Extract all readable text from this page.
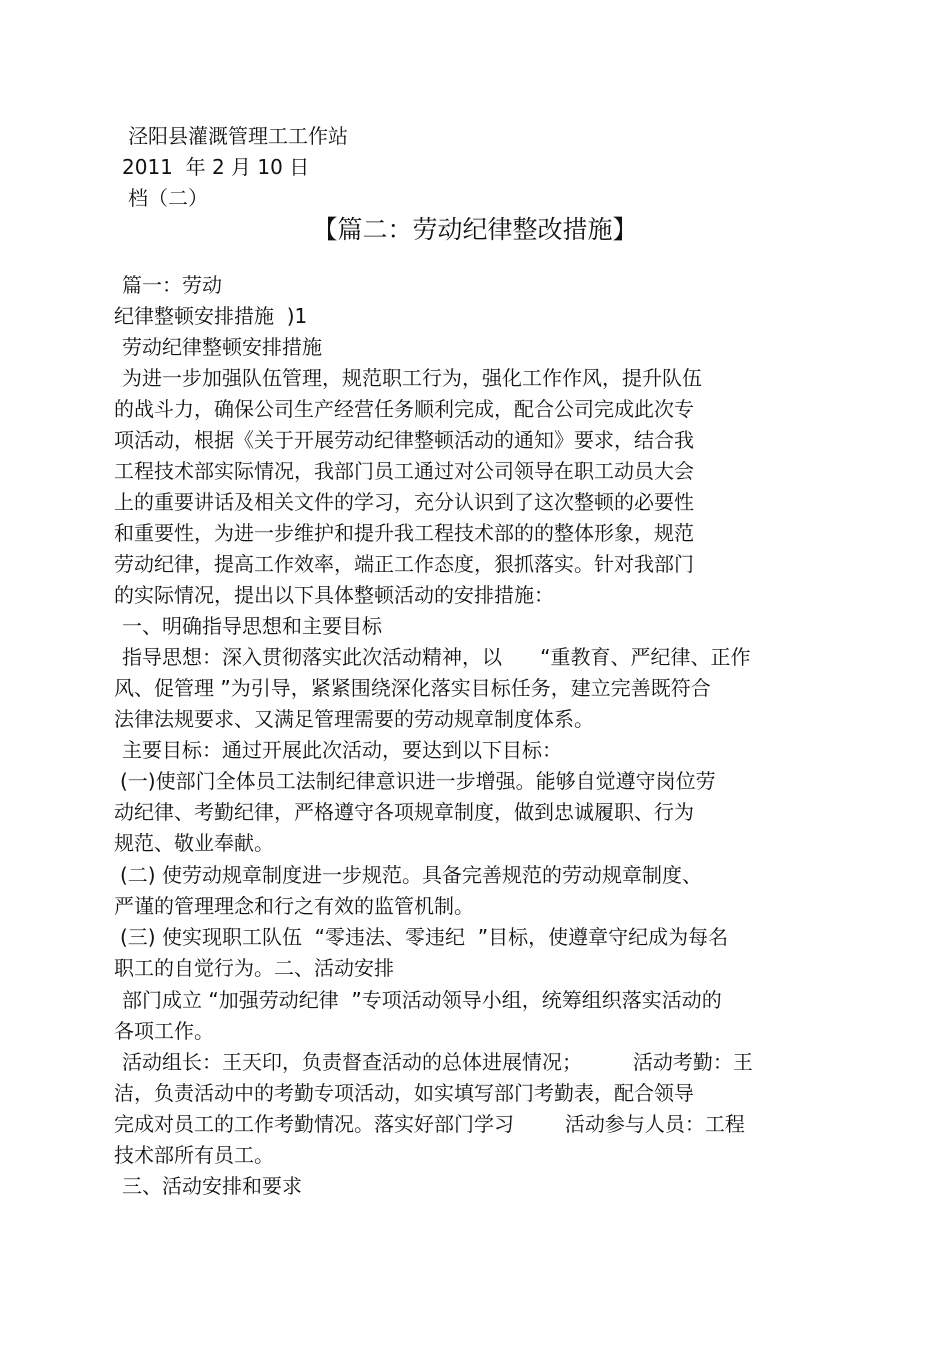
泾阳县灌溉管理工工作站
2011  年 2 月 10 日
档（二）
【篇二：劳动纪律整改措施】
篇一：劳动
纪律整顿安排措施  )1
劳动纪律整顿安排措施
为进一步加强队伍管理，规范职工行为，强化工作作风，提升队伍
的战斗力，确保公司生产经营任务顺利完成，配合公司完成此次专
项活动，根据《关于开展劳动纪律整顿活动的通知》要求，结合我
工程技术部实际情况，我部门员工通过对公司领导在职工动员大会
上的重要讲话及相关文件的学习，充分认识到了这次整顿的必要性
和重要性，为进一步维护和提升我工程技术部的的整体形象，规范
劳动纪律，提高工作效率，端正工作态度，狠抓落实。针对我部门
的实际情况，提出以下具体整顿活动的安排措施：
一、明确指导思想和主要目标
指导思想：深入贯彻落实此次活动精神，以      “重教育、严纪律、正作
风、促管理 ”为引导，紧紧围绕深化落实目标任务，建立完善既符合
法律法规要求、又满足管理需要的劳动规章制度体系。
主要目标：通过开展此次活动，要达到以下目标：
(一)使部门全体员工法制纪律意识进一步增强。能够自觉遵守岗位劳
动纪律、考勤纪律，严格遵守各项规章制度，做到忠诚履职、行为
规范、敬业奉献。
(二) 使劳动规章制度进一步规范。具备完善规范的劳动规章制度、
严谨的管理理念和行之有效的监管机制。
(三) 使实现职工队伍  “零违法、零违纪  ”目标，使遵章守纪成为每名
职工的自觉行为。二、活动安排
部门成立 “加强劳动纪律  ”专项活动领导小组，统筹组织落实活动的
各项工作。
活动组长：王天印，负责督查活动的总体进展情况；        活动考勤：王
洁，负责活动中的考勤专项活动，如实填写部门考勤表，配合领导
完成对员工的工作考勤情况。落实好部门学习        活动参与人员：工程
技术部所有员工。
三、活动安排和要求
